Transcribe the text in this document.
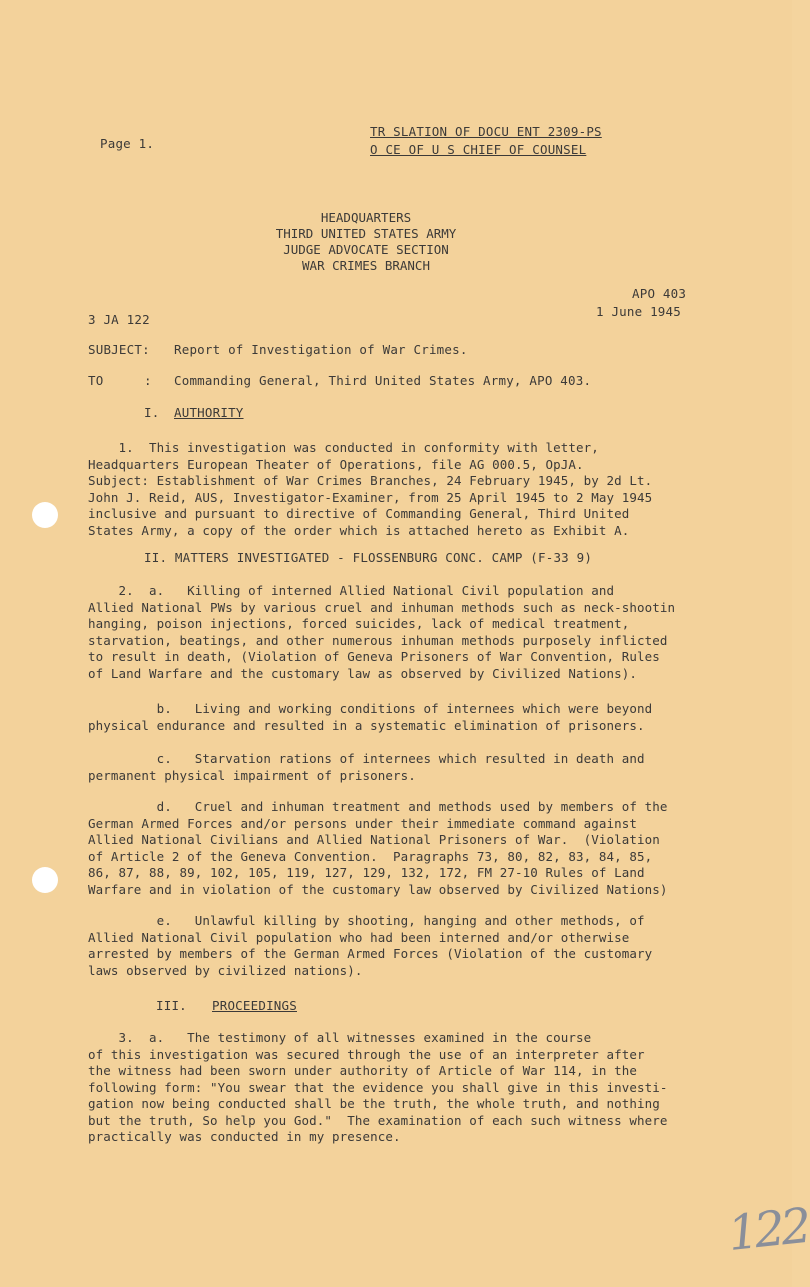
Page 1.
TR SLATION OF DOCU ENT 2309-PS
O CE OF U S CHIEF OF COUNSEL
HEADQUARTERS
THIRD UNITED STATES ARMY
JUDGE ADVOCATE SECTION
WAR CRIMES BRANCH
APO 403
1 June 1945
3 JA 122
SUBJECT: Report of Investigation of War Crimes.
TO	: Commanding General, Third United States Army, APO 403.
I. AUTHORITY
1.  This investigation was conducted in conformity with letter,
Headquarters European Theater of Operations, file AG 000.5, OpJA.
Subject: Establishment of War Crimes Branches, 24 February 1945, by 2d Lt.
John J. Reid, AUS, Investigator-Examiner, from 25 April 1945 to 2 May 1945
inclusive and pursuant to directive of Commanding General, Third United
States Army, a copy of the order which is attached hereto as Exhibit A.
II. MATTERS INVESTIGATED - FLOSSENBURG CONC. CAMP (F-33 9)
2.  a.   Killing of interned Allied National Civil population and
Allied National PWs by various cruel and inhuman methods such as neck-shootin
hanging, poison injections, forced suicides, lack of medical treatment,
starvation, beatings, and other numerous inhuman methods purposely inflicted
to result in death, (Violation of Geneva Prisoners of War Convention, Rules
of Land Warfare and the customary law as observed by Civilized Nations).
b.   Living and working conditions of internees which were beyond
physical endurance and resulted in a systematic elimination of prisoners.
c.   Starvation rations of internees which resulted in death and
permanent physical impairment of prisoners.
d.   Cruel and inhuman treatment and methods used by members of the
German Armed Forces and/or persons under their immediate command against
Allied National Civilians and Allied National Prisoners of War.  (Violation
of Article 2 of the Geneva Convention.  Paragraphs 73, 80, 82, 83, 84, 85,
86, 87, 88, 89, 102, 105, 119, 127, 129, 132, 172, FM 27-10 Rules of Land
Warfare and in violation of the customary law observed by Civilized Nations)
e.   Unlawful killing by shooting, hanging and other methods, of
Allied National Civil population who had been interned and/or otherwise
arrested by members of the German Armed Forces (Violation of the customary
laws observed by civilized nations).
III. PROCEEDINGS
3.  a.   The testimony of all witnesses examined in the course
of this investigation was secured through the use of an interpreter after
the witness had been sworn under authority of Article of War 114, in the
following form: "You swear that the evidence you shall give in this investi-
gation now being conducted shall be the truth, the whole truth, and nothing
but the truth, So help you God."  The examination of each such witness where
practically was conducted in my presence.
122
